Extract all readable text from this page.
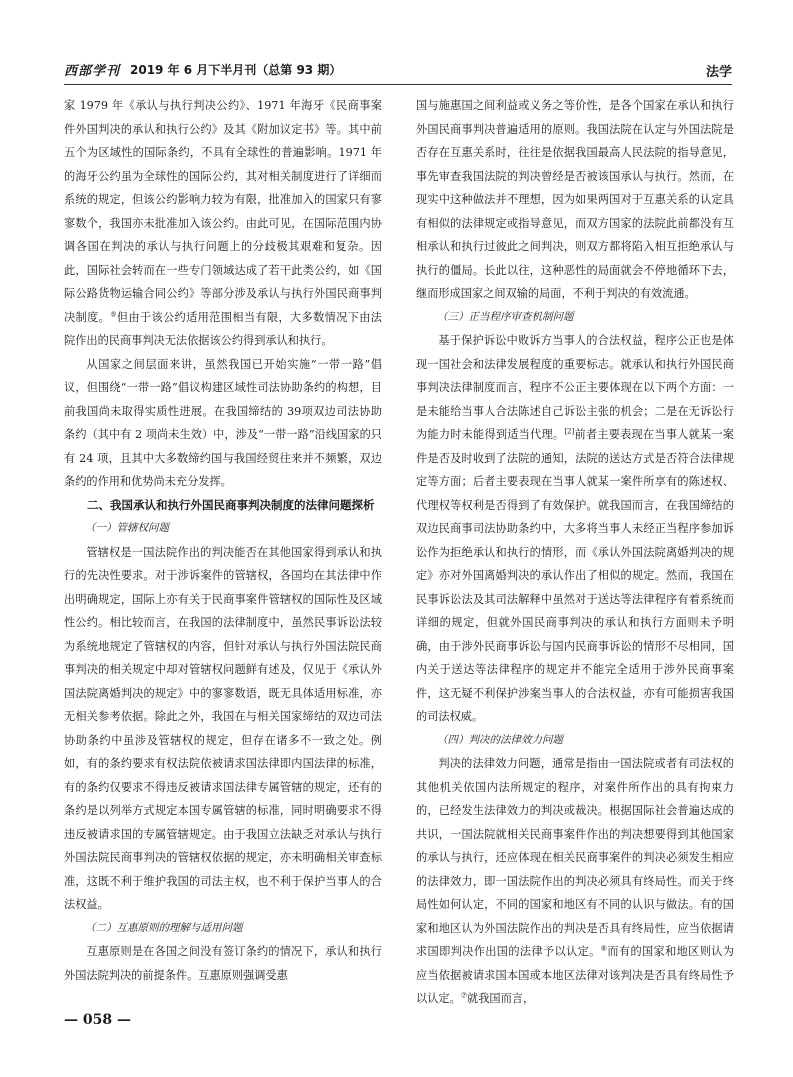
西部学刊 2019 年 6 月下半月刊（总第 93 期）	法学

家 1979 年《承认与执行判决公约》、1971 年海牙《民商事案件外国判决的承认和执行公约》及其《附加议定书》等。其中前五个为区域性的国际条约，不具有全球性的普遍影响。1971 年的海牙公约虽为全球性的国际公约，其对相关制度进行了详细而系统的规定，但该公约影响力较为有限，批准加入的国家只有寥寥数个，我国亦未批准加入该公约。由此可见，在国际范围内协调各国在判决的承认与执行问题上的分歧极其艰难和复杂。因此，国际社会转而在一些专门领域达成了若干此类公约，如《国际公路货物运输合同公约》等部分涉及承认与执行外国民商事判决制度。⑤但由于该公约适用范围相当有限，大多数情况下由法院作出的民商事判决无法依据该公约得到承认和执行。

从国家之间层面来讲，虽然我国已开始实施“一带一路”倡议，但围绕“一带一路”倡议构建区域性司法协助条约的构想，目前我国尚未取得实质性进展。在我国缔结的 39项双边司法协助条约（其中有 2 项尚未生效）中，涉及“一带一路”沿线国家的只有 24 项，且其中大多数缔约国与我国经贸往来并不频繁，双边条约的作用和优势尚未充分发挥。

二、我国承认和执行外国民商事判决制度的法律问题探析
（一）管辖权问题

管辖权是一国法院作出的判决能否在其他国家得到承认和执行的先决性要求。对于涉诉案件的管辖权，各国均在其法律中作出明确规定，国际上亦有关于民商事案件管辖权的国际性及区域性公约。相比较而言，在我国的法律制度中，虽然民事诉讼法较为系统地规定了管辖权的内容，但针对承认与执行外国法院民商事判决的相关规定中却对管辖权问题鲜有述及，仅见于《承认外国法院离婚判决的规定》中的寥寥数语，既无具体适用标准，亦无相关参考依据。除此之外，我国在与相关国家缔结的双边司法协助条约中虽涉及管辖权的规定，但存在诸多不一致之处。例如，有的条约要求有权法院依被请求国法律即内国法律的标准，有的条约仅要求不得违反被请求国法律专属管辖的规定，还有的条约是以列举方式规定本国专属管辖的标准，同时明确要求不得违反被请求国的专属管辖规定。由于我国立法缺乏对承认与执行外国法院民商事判决的管辖权依据的规定，亦未明确相关审查标准，这既不利于维护我国的司法主权，也不利于保护当事人的合法权益。

（二）互惠原则的理解与适用问题

互惠原则是在各国之间没有签订条约的情况下，承认和执行外国法院判决的前提条件。互惠原则强调受惠

国与施惠国之间利益或义务之等价性，是各个国家在承认和执行外国民商事判决普遍适用的原则。我国法院在认定与外国法院是否存在互惠关系时，往往是依据我国最高人民法院的指导意见，事先审查我国法院的判决曾经是否被该国承认与执行。然而，在现实中这种做法并不理想，因为如果两国对于互惠关系的认定具有相似的法律规定或指导意见，而双方国家的法院此前都没有互相承认和执行过彼此之间判决，则双方都将陷入相互拒绝承认与执行的僵局。长此以往，这种恶性的局面就会不停地循环下去，继而形成国家之间双输的局面，不利于判决的有效流通。

（三）正当程序审查机制问题

基于保护诉讼中败诉方当事人的合法权益，程序公正也是体现一国社会和法律发展程度的重要标志。就承认和执行外国民商事判决法律制度而言，程序不公正主要体现在以下两个方面：一是未能给当事人合法陈述自己诉讼主张的机会；二是在无诉讼行为能力时未能得到适当代理。[2]前者主要表现在当事人就某一案件是否及时收到了法院的通知，法院的送达方式是否符合法律规定等方面；后者主要表现在当事人就某一案件所享有的陈述权、代理权等权利是否得到了有效保护。就我国而言，在我国缔结的双边民商事司法协助条约中，大多将当事人未经正当程序参加诉讼作为拒绝承认和执行的情形，而《承认外国法院离婚判决的规定》亦对外国离婚判决的承认作出了相似的规定。然而，我国在民事诉讼法及其司法解释中虽然对于送达等法律程序有着系统而详细的规定，但就外国民商事判决的承认和执行方面则未予明确，由于涉外民商事诉讼与国内民商事诉讼的情形不尽相同，国内关于送达等法律程序的规定并不能完全适用于涉外民商事案件，这无疑不利保护涉案当事人的合法权益，亦有可能损害我国的司法权威。

（四）判决的法律效力问题

判决的法律效力问题，通常是指由一国法院或者有司法权的其他机关依国内法所规定的程序，对案件所作出的具有拘束力的，已经发生法律效力的判决或裁决。根据国际社会普遍达成的共识，一国法院就相关民商事案件作出的判决想要得到其他国家的承认与执行，还应体现在相关民商事案件的判决必须发生相应的法律效力，即一国法院作出的判决必须具有终局性。而关于终局性如何认定，不同的国家和地区有不同的认识与做法。有的国家和地区认为外国法院作出的判决是否具有终局性，应当依据请求国即判决作出国的法律予以认定。⑥而有的国家和地区则认为应当依据被请求国本国或本地区法律对该判决是否具有终局性予以认定。⑦就我国而言，

— 058 —
